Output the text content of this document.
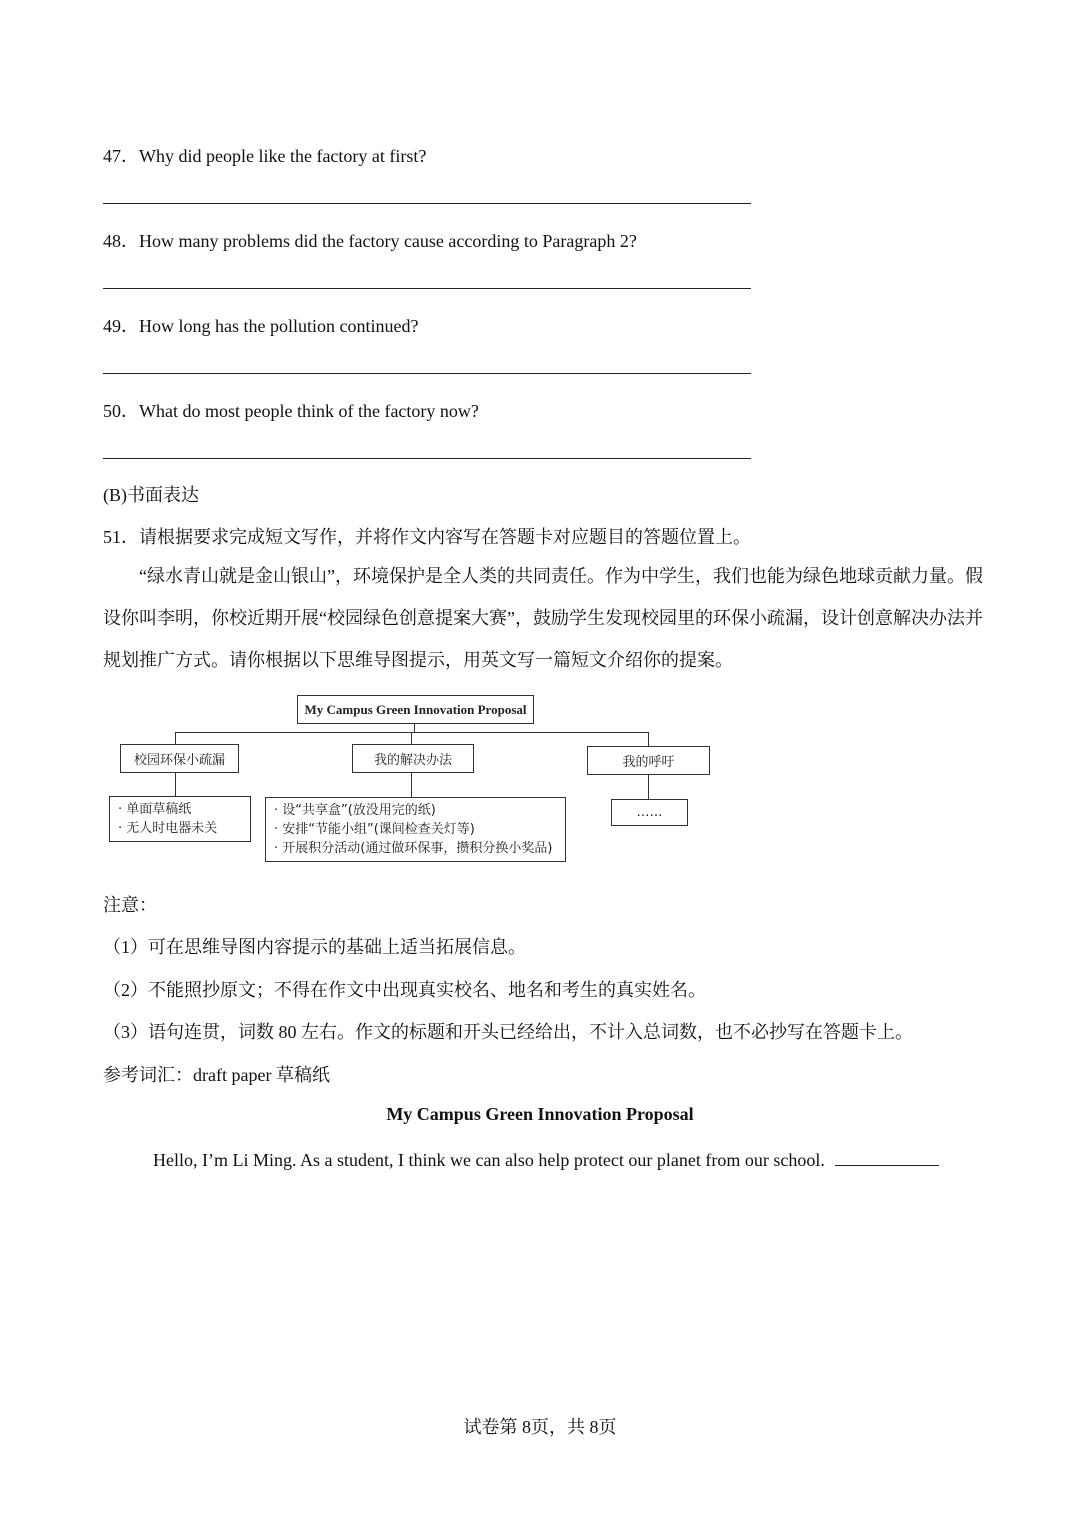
47．Why did people like the factory at first?
48．How many problems did the factory cause according to Paragraph 2?
49．How long has the pollution continued?
50．What do most people think of the factory now?
(B)书面表达
51．请根据要求完成短文写作，并将作文内容写在答题卡对应题目的答题位置上。
“绿水青山就是金山银山”，环境保护是全人类的共同责任。作为中学生，我们也能为绿色地球贡献力量。假设你叫李明，你校近期开展“校园绿色创意提案大赛”，鼓励学生发现校园里的环保小疏漏，设计创意解决办法并规划推广方式。请你根据以下思维导图提示，用英文写一篇短文介绍你的提案。
My Campus Green Innovation Proposal
校园环保小疏漏	我的解决办法	我的呼吁
· 单面草稿纸
· 无人时电器未关
· 设“共享盒”(放没用完的纸)
· 安排“节能小组”(课间检查关灯等)
· 开展积分活动(通过做环保事，攒积分换小奖品)
……
注意：
（1）可在思维导图内容提示的基础上适当拓展信息。
（2）不能照抄原文；不得在作文中出现真实校名、地名和考生的真实姓名。
（3）语句连贯，词数 80 左右。作文的标题和开头已经给出，不计入总词数，也不必抄写在答题卡上。
参考词汇：draft paper 草稿纸
My Campus Green Innovation Proposal
Hello, I’m Li Ming. As a student, I think we can also help protect our planet from our school.
试卷第 8页，共 8页
